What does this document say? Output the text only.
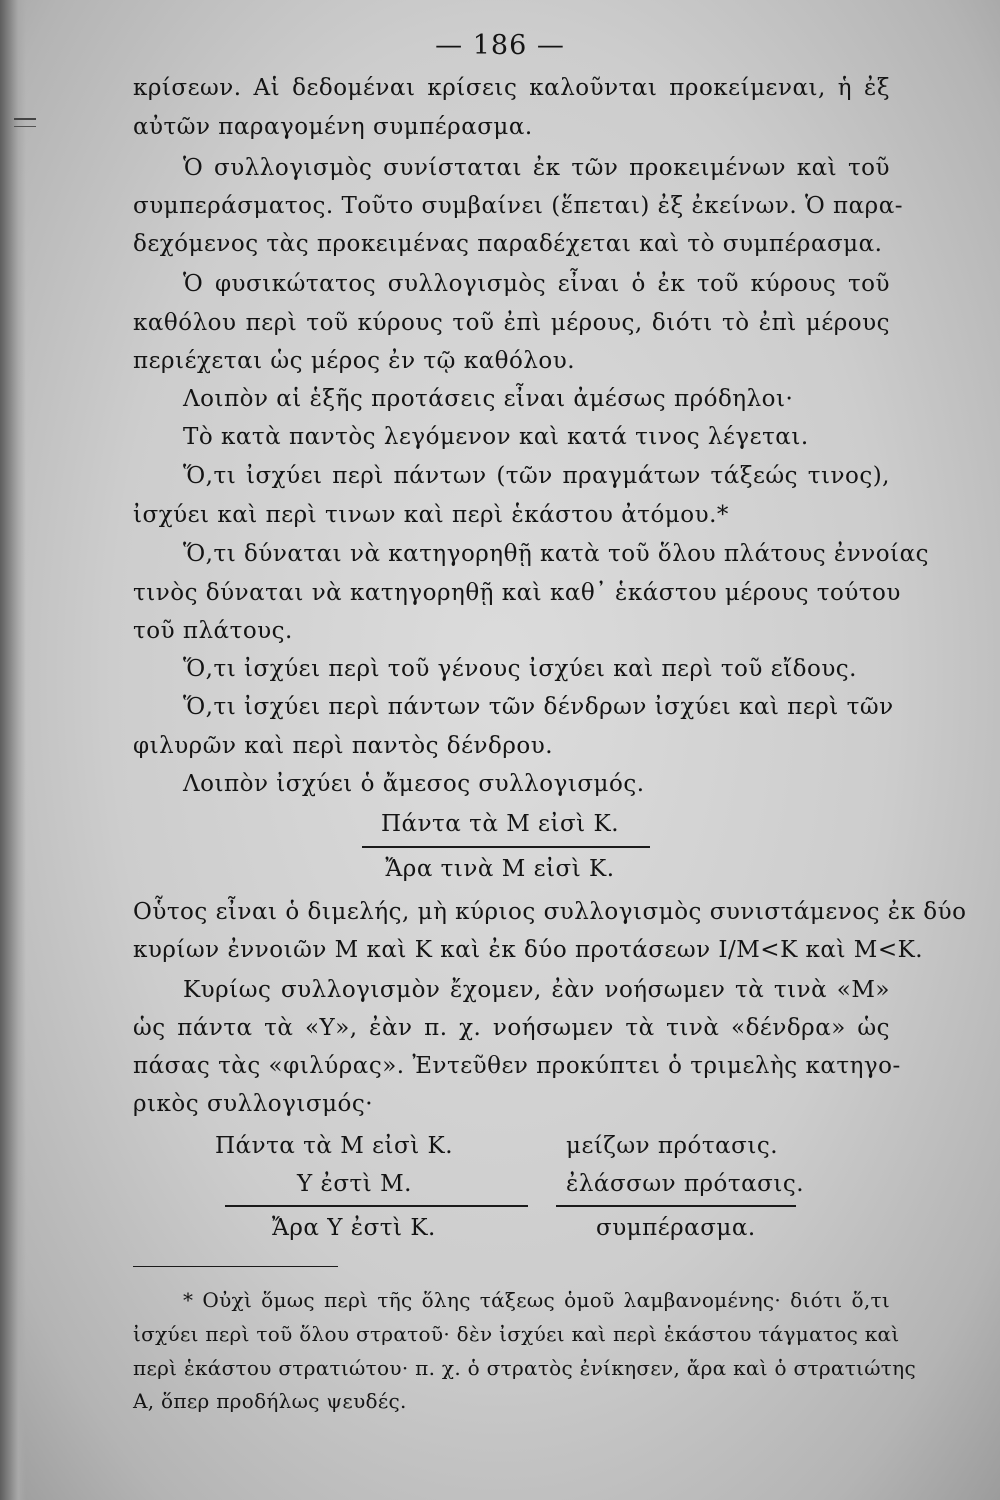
— 186 —
κρίσεων. Αἱ δεδομέναι κρίσεις καλοῦνται προκείμεναι, ἡ ἐξ
αὐτῶν παραγομένη συμπέρασμα.
Ὁ συλλογισμὸς συνίσταται ἐκ τῶν προκειμένων καὶ τοῦ
συμπεράσματος. Τοῦτο συμβαίνει (ἕπεται) ἐξ ἐκείνων. Ὁ παρα-
δεχόμενος τὰς προκειμένας παραδέχεται καὶ τὸ συμπέρασμα.
Ὁ φυσικώτατος συλλογισμὸς εἶναι ὁ ἐκ τοῦ κύρους τοῦ
καθόλου περὶ τοῦ κύρους τοῦ ἐπὶ μέρους, διότι τὸ ἐπὶ μέρους
περιέχεται ὡς μέρος ἐν τῷ καθόλου.
Λοιπὸν αἱ ἑξῆς προτάσεις εἶναι ἀμέσως πρόδηλοι·
Τὸ κατὰ παντὸς λεγόμενον καὶ κατά τινος λέγεται.
Ὅ,τι ἰσχύει περὶ πάντων (τῶν πραγμάτων τάξεώς τινος),
ἰσχύει καὶ περὶ τινων καὶ περὶ ἑκάστου ἀτόμου.*
Ὅ,τι δύναται νὰ κατηγορηθῇ κατὰ τοῦ ὅλου πλάτους ἐννοίας
τινὸς δύναται νὰ κατηγορηθῇ καὶ καθ᾽ ἑκάστου μέρους τούτου
τοῦ πλάτους.
Ὅ,τι ἰσχύει περὶ τοῦ γένους ἰσχύει καὶ περὶ τοῦ εἴδους.
Ὅ,τι ἰσχύει περὶ πάντων τῶν δένδρων ἰσχύει καὶ περὶ τῶν
φιλυρῶν καὶ περὶ παντὸς δένδρου.
Λοιπὸν ἰσχύει ὁ ἄμεσος συλλογισμός.
Πάντα τὰ Μ εἰσὶ Κ.
Ἄρα τινὰ Μ εἰσὶ Κ.
Οὗτος εἶναι ὁ διμελής, μὴ κύριος συλλογισμὸς συνιστάμενος ἐκ δύο
κυρίων ἐννοιῶν Μ καὶ Κ καὶ ἐκ δύο προτάσεων I/Μ<Κ καὶ Μ<Κ.
Κυρίως συλλογισμὸν ἔχομεν, ἐὰν νοήσωμεν τὰ τινὰ «Μ»
ὡς πάντα τὰ «Υ», ἐὰν π. χ. νοήσωμεν τὰ τινὰ «δένδρα» ὡς
πάσας τὰς «φιλύρας». Ἐντεῦθεν προκύπτει ὁ τριμελὴς κατηγο-
ρικὸς συλλογισμός·
Πάντα τὰ Μ εἰσὶ Κ.	μείζων πρότασις.
Υ ἐστὶ Μ.	ἐλάσσων πρότασις.
Ἄρα Υ ἐστὶ Κ.	συμπέρασμα.
* Οὐχὶ ὅμως περὶ τῆς ὅλης τάξεως ὁμοῦ λαμβανομένης· διότι ὅ,τι
ἰσχύει περὶ τοῦ ὅλου στρατοῦ· δὲν ἰσχύει καὶ περὶ ἑκάστου τάγματος καὶ
περὶ ἑκάστου στρατιώτου· π. χ. ὁ στρατὸς ἐνίκησεν, ἄρα καὶ ὁ στρατιώτης
Α, ὅπερ προδήλως ψευδές.
